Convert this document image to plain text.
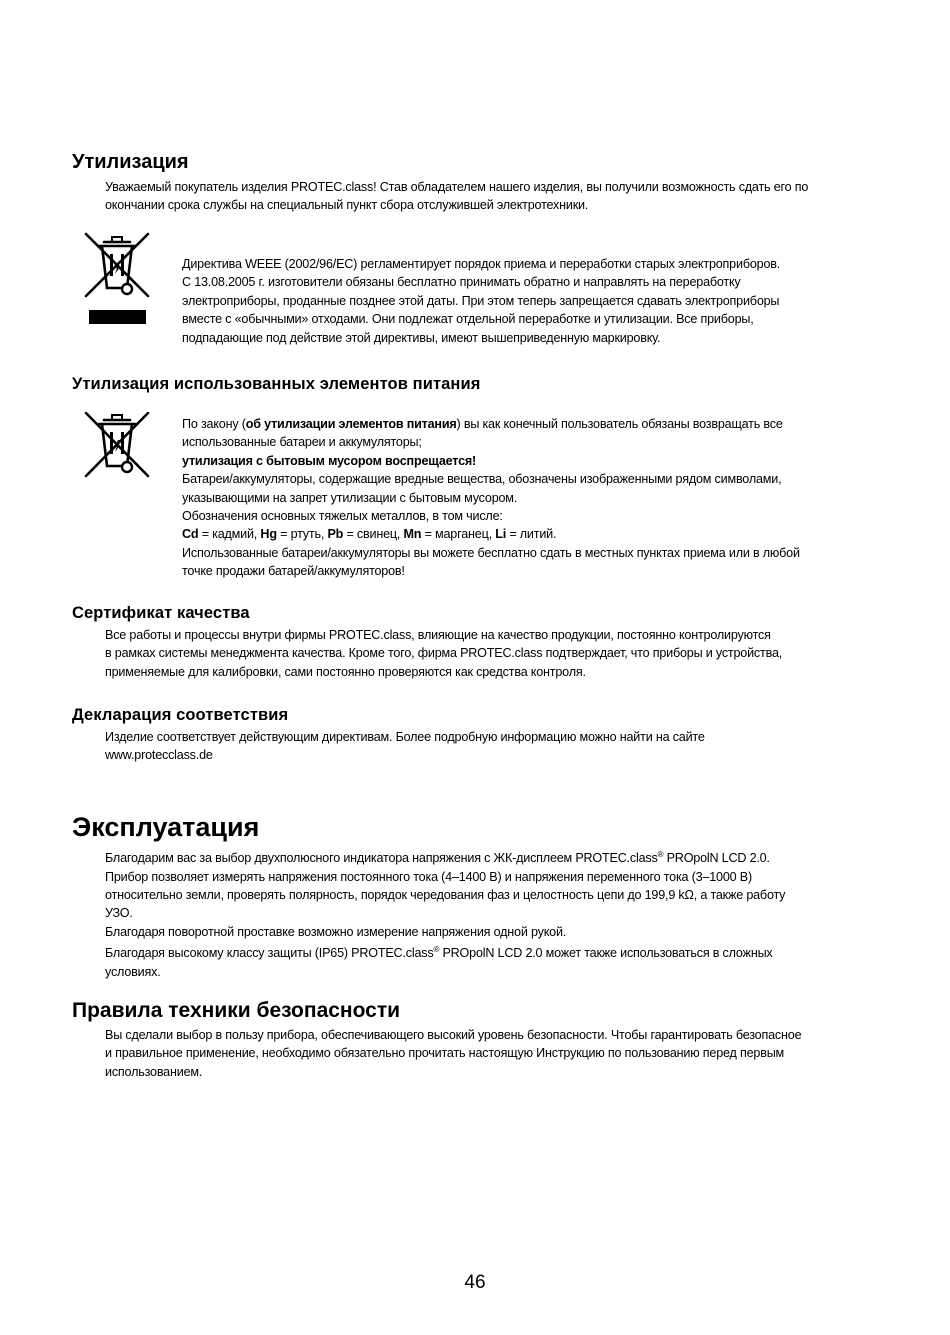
Утилизация
Уважаемый покупатель изделия PROTEC.class! Став обладателем нашего изделия, вы получили возможность сдать его по
окончании срока службы на специальный пункт сбора отслужившей электротехники.
Директива WEEE (2002/96/EC) регламентирует порядок приема и переработки старых электроприборов.
С 13.08.2005 г. изготовители обязаны бесплатно принимать обратно и направлять на переработку
электроприборы, проданные позднее этой даты. При этом теперь запрещается сдавать электроприборы
вместе с «обычными» отходами. Они подлежат отдельной переработке и утилизации. Все приборы,
подпадающие под действие этой директивы, имеют вышеприведенную маркировку.
Утилизация использованных элементов питания
По закону (об утилизации элементов питания) вы как конечный пользователь обязаны возвращать все
использованные батареи и аккумуляторы;
утилизация с бытовым мусором воспрещается!
Батареи/аккумуляторы, содержащие вредные вещества, обозначены изображенными рядом символами,
указывающими на запрет утилизации с бытовым мусором.
Обозначения основных тяжелых металлов, в том числе:
Cd = кадмий, Hg = ртуть, Pb = свинец, Mn = марганец, Li = литий.
Использованные батареи/аккумуляторы вы можете бесплатно сдать в местных пунктах приема или в любой
точке продажи батарей/аккумуляторов!
Сертификат качества
Все работы и процессы внутри фирмы PROTEC.class, влияющие на качество продукции, постоянно контролируются
в рамках системы менеджмента качества. Кроме того, фирма PROTEC.class подтверждает, что приборы и устройства,
применяемые для калибровки, сами постоянно проверяются как средства контроля.
Декларация соответствия
Изделие соответствует действующим директивам. Более подробную информацию можно найти на сайте
www.protecclass.de
Эксплуатация
Благодарим вас за выбор двухполюсного индикатора напряжения с ЖК-дисплеем PROTEC.class® PROpolN LCD 2.0.
Прибор позволяет измерять напряжения постоянного тока (4–1400 В) и напряжения переменного тока (3–1000 В)
относительно земли, проверять полярность, порядок чередования фаз и целостность цепи до 199,9 kΩ, а также работу
УЗО.
Благодаря поворотной проставке возможно измерение напряжения одной рукой.
Благодаря высокому классу защиты (IP65) PROTEC.class® PROpolN LCD 2.0 может также использоваться в сложных
условиях.
Правила техники безопасности
Вы сделали выбор в пользу прибора, обеспечивающего высокий уровень безопасности. Чтобы гарантировать безопасное
и правильное применение, необходимо обязательно прочитать настоящую Инструкцию по пользованию перед первым
использованием.
46
